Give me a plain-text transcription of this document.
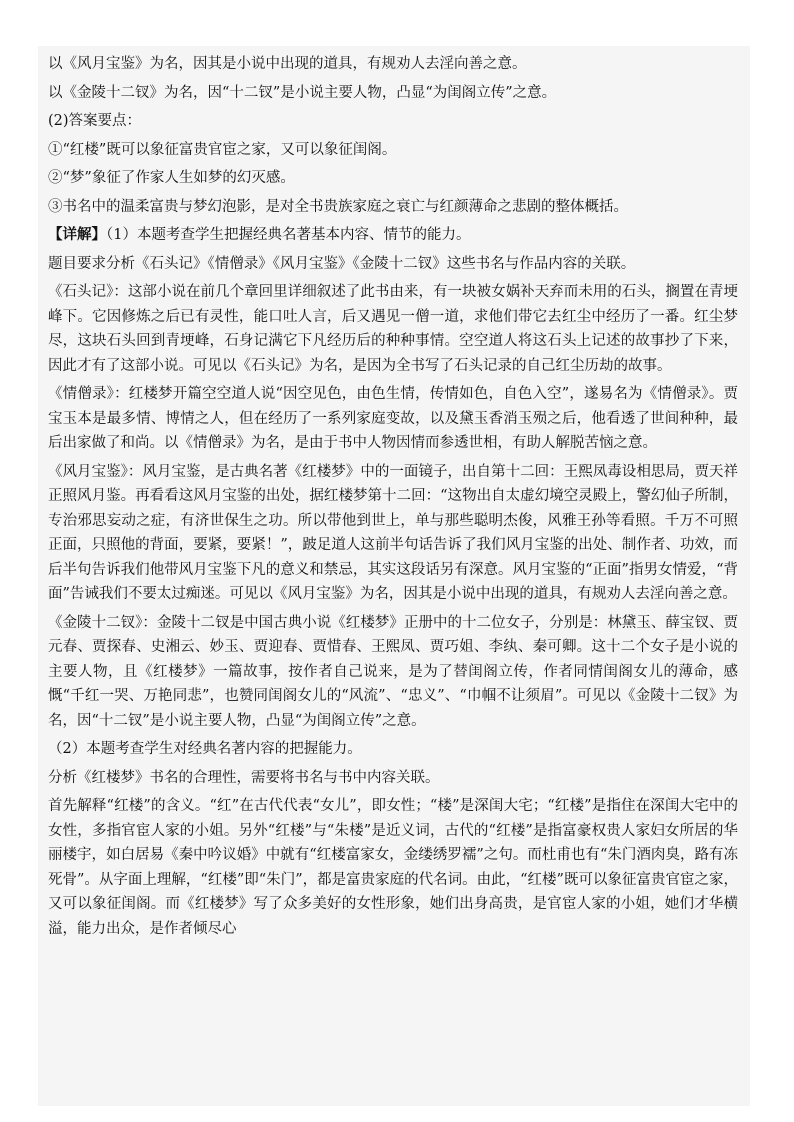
以《风月宝鉴》为名，因其是小说中出现的道具，有规劝人去淫向善之意。

以《金陵十二钗》为名，因“十二钗”是小说主要人物，凸显“为闺阁立传”之意。

(2)答案要点：

①“红楼”既可以象征富贵官宦之家，又可以象征闺阁。

②“梦”象征了作家人生如梦的幻灭感。

③书名中的温柔富贵与梦幻泡影，是对全书贵族家庭之衰亡与红颜薄命之悲剧的整体概括。

【详解】（1）本题考查学生把握经典名著基本内容、情节的能力。

题目要求分析《石头记》《情僧录》《风月宝鉴》《金陵十二钗》这些书名与作品内容的关联。

《石头记》：这部小说在前几个章回里详细叙述了此书由来，有一块被女娲补天弃而未用的石头，搁置在青埂峰下。它因修炼之后已有灵性，能口吐人言，后又遇见一僧一道，求他们带它去红尘中经历了一番。红尘梦尽，这块石头回到青埂峰，石身记满它下凡经历后的种种事情。空空道人将这石头上记述的故事抄了下来，因此才有了这部小说。可见以《石头记》为名，是因为全书写了石头记录的自己红尘历劫的故事。

《情僧录》：红楼梦开篇空空道人说“因空见色，由色生情，传情如色，自色入空”，遂易名为《情僧录》。贾宝玉本是最多情、博情之人，但在经历了一系列家庭变故，以及黛玉香消玉殒之后，他看透了世间种种，最后出家做了和尚。以《情僧录》为名，是由于书中人物因情而参透世相，有助人解脱苦恼之意。

《风月宝鉴》：风月宝鉴，是古典名著《红楼梦》中的一面镜子，出自第十二回：王熙凤毒设相思局，贾天祥正照风月鉴。再看看这风月宝鉴的出处，据红楼梦第十二回：“这物出自太虚幻境空灵殿上，警幻仙子所制，专治邪思妄动之症，有济世保生之功。所以带他到世上，单与那些聪明杰俊，风雅王孙等看照。千万不可照正面，只照他的背面，要紧，要紧！”，跛足道人这前半句话告诉了我们风月宝鉴的出处、制作者、功效，而后半句告诉我们他带风月宝鉴下凡的意义和禁忌，其实这段话另有深意。风月宝鉴的“正面”指男女情爱，“背面”告诫我们不要太过痴迷。可见以《风月宝鉴》为名，因其是小说中出现的道具，有规劝人去淫向善之意。

《金陵十二钗》：金陵十二钗是中国古典小说《红楼梦》正册中的十二位女子，分别是：林黛玉、薛宝钗、贾元春、贾探春、史湘云、妙玉、贾迎春、贾惜春、王熙凤、贾巧姐、李纨、秦可卿。这十二个女子是小说的主要人物，且《红楼梦》一篇故事，按作者自己说来，是为了替闺阁立传，作者同情闺阁女儿的薄命，感慨“千红一哭、万艳同悲”，也赞同闺阁女儿的“风流”、“忠义”、“巾帼不让须眉”。可见以《金陵十二钗》为名，因“十二钗”是小说主要人物，凸显“为闺阁立传”之意。

（2）本题考查学生对经典名著内容的把握能力。

分析《红楼梦》书名的合理性，需要将书名与书中内容关联。

首先解释“红楼”的含义。“红”在古代代表“女儿”，即女性；“楼”是深闺大宅；“红楼”是指住在深闺大宅中的女性，多指官宦人家的小姐。另外“红楼”与“朱楼”是近义词，古代的“红楼”是指富豪权贵人家妇女所居的华丽楼宇，如白居易《秦中吟议婚》中就有“红楼富家女，金缕绣罗襦”之句。而杜甫也有“朱门酒肉臭，路有冻死骨”。从字面上理解，“红楼”即“朱门”，都是富贵家庭的代名词。由此，“红楼”既可以象征富贵官宦之家，又可以象征闺阁。而《红楼梦》写了众多美好的女性形象，她们出身高贵，是官宦人家的小姐，她们才华横溢，能力出众，是作者倾尽心
